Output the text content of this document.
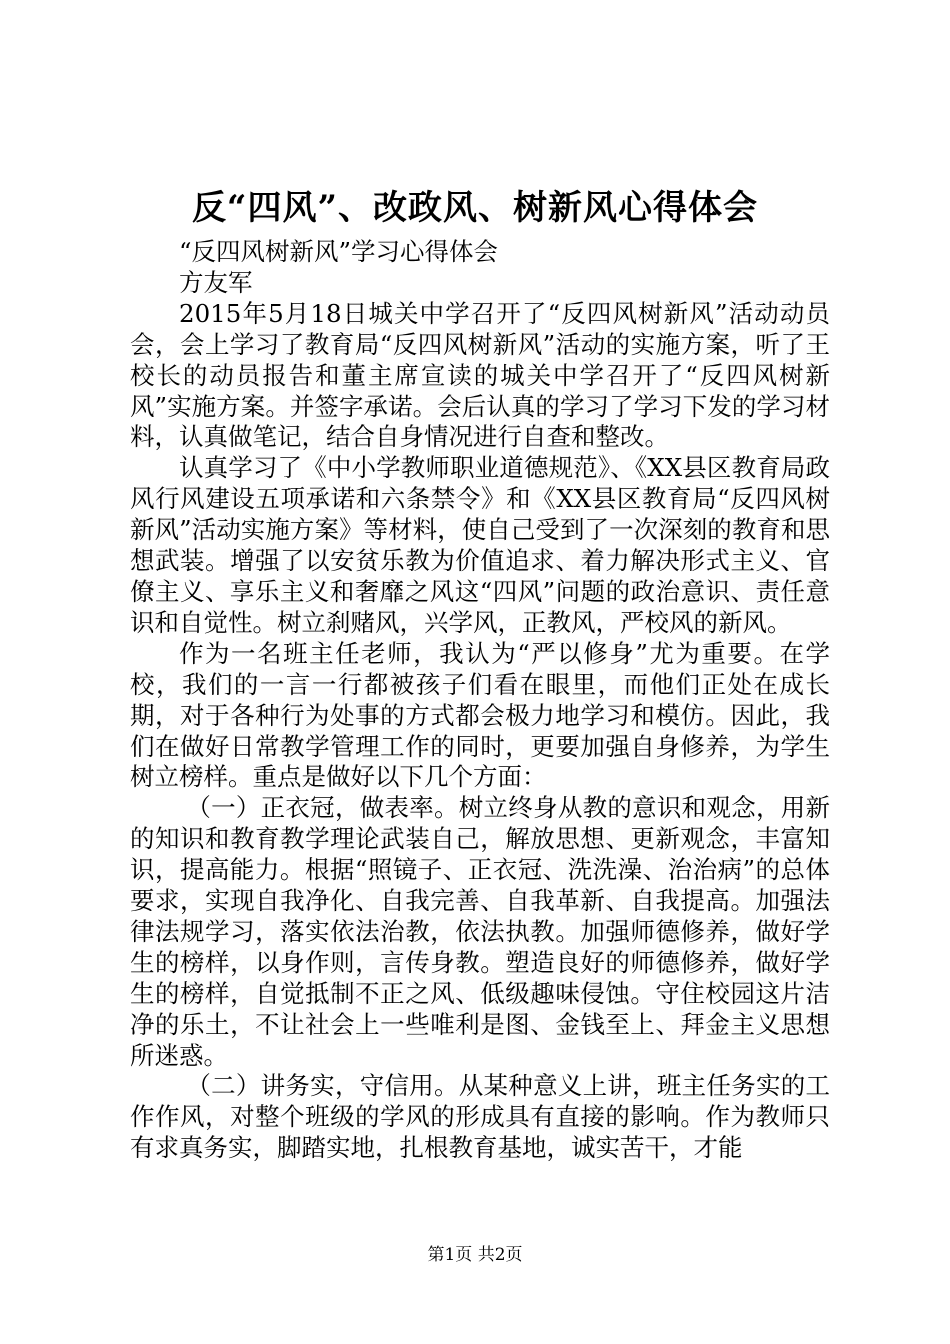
反“四风”、改政风、树新风心得体会

“反四风树新风”学习心得体会

方友军

2015年5月18日城关中学召开了“反四风树新风”活动动员会，会上学习了教育局“反四风树新风”活动的实施方案，听了王校长的动员报告和董主席宣读的城关中学召开了“反四风树新风”实施方案。并签字承诺。会后认真的学习了学习下发的学习材料，认真做笔记，结合自身情况进行自查和整改。

认真学习了《中小学教师职业道德规范》、《XX县区教育局政风行风建设五项承诺和六条禁令》和《XX县区教育局“反四风树新风”活动实施方案》等材料，使自己受到了一次深刻的教育和思想武装。增强了以安贫乐教为价值追求、着力解决形式主义、官僚主义、享乐主义和奢靡之风这“四风”问题的政治意识、责任意识和自觉性。树立刹赌风，兴学风，正教风，严校风的新风。

作为一名班主任老师，我认为“严以修身”尤为重要。在学校，我们的一言一行都被孩子们看在眼里，而他们正处在成长期，对于各种行为处事的方式都会极力地学习和模仿。因此，我们在做好日常教学管理工作的同时，更要加强自身修养，为学生树立榜样。重点是做好以下几个方面：

（一）正衣冠，做表率。树立终身从教的意识和观念，用新的知识和教育教学理论武装自己，解放思想、更新观念，丰富知识，提高能力。根据“照镜子、正衣冠、洗洗澡、治治病”的总体要求，实现自我净化、自我完善、自我革新、自我提高。加强法律法规学习，落实依法治教，依法执教。加强师德修养，做好学生的榜样，以身作则，言传身教。塑造良好的师德修养，做好学生的榜样，自觉抵制不正之风、低级趣味侵蚀。守住校园这片洁净的乐土，不让社会上一些唯利是图、金钱至上、拜金主义思想所迷惑。

（二）讲务实，守信用。从某种意义上讲，班主任务实的工作作风，对整个班级的学风的形成具有直接的影响。作为教师只有求真务实，脚踏实地，扎根教育基地，诚实苦干，才能

第1页 共2页
